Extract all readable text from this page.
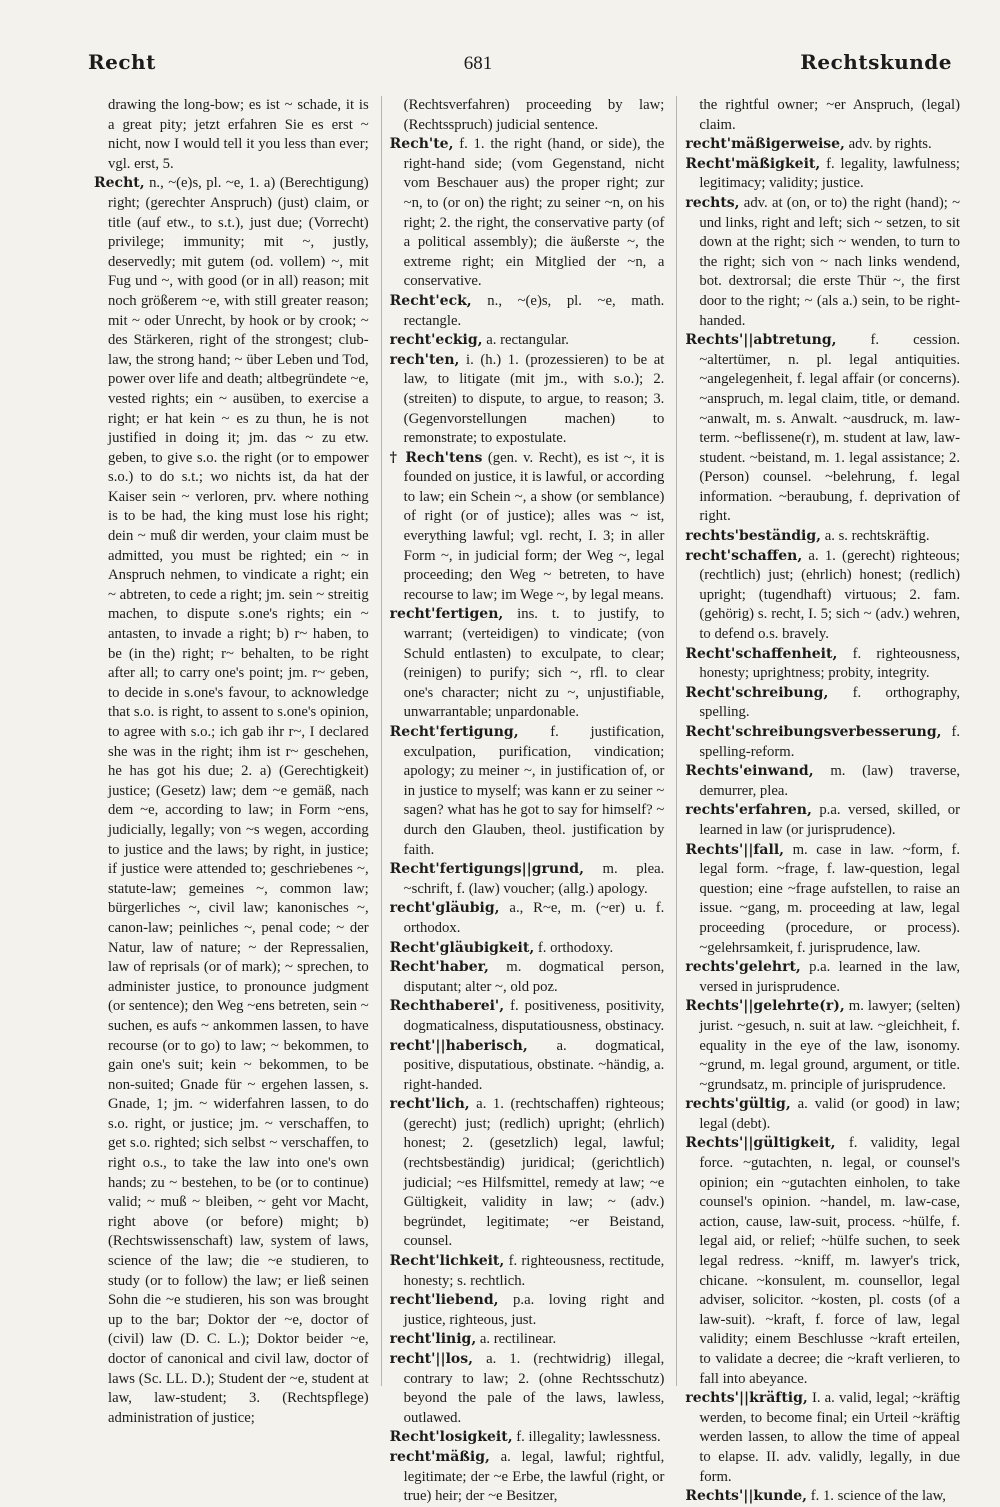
Recht	681	Rechtskunde

drawing the long-bow; es ist ~ schade, it is a great pity; jetzt erfahren Sie es erst ~ nicht, now I would tell it you less than ever; vgl. erst, 5.

Recht, n., ~(e)s, pl. ~e, 1. a) (Berechtigung) right; (gerechter Anspruch) (just) claim, or title (auf etw., to s.t.), just due; (Vorrecht) privilege; immunity; mit ~, justly, deservedly; mit gutem (od. vollem) ~, mit Fug und ~, with good (or in all) reason; mit noch größerem ~e, with still greater reason; mit ~ oder Unrecht, by hook or by crook; ~ des Stärkeren, right of the strongest; club-law, the strong hand; ~ über Leben und Tod, power over life and death; altbegründete ~e, vested rights; ein ~ ausüben, to exercise a right; er hat kein ~ es zu thun, he is not justified in doing it; jm. das ~ zu etw. geben, to give s.o. the right (or to empower s.o.) to do s.t.; wo nichts ist, da hat der Kaiser sein ~ verloren, prv. where nothing is to be had, the king must lose his right; dein ~ muß dir werden, your claim must be admitted, you must be righted; ein ~ in Anspruch nehmen, to vindicate a right; ein ~ abtreten, to cede a right; jm. sein ~ streitig machen, to dispute s.one's rights; ein ~ antasten, to invade a right; b) r~ haben, to be (in the) right; r~ behalten, to be right after all; to carry one's point; jm. r~ geben, to decide in s.one's favour, to acknowledge that s.o. is right, to assent to s.one's opinion, to agree with s.o.; ich gab ihr r~, I declared she was in the right; ihm ist r~ geschehen, he has got his due; 2. a) (Gerechtigkeit) justice; (Gesetz) law; dem ~e gemäß, nach dem ~e, according to law; in Form ~ens, judicially, legally; von ~s wegen, according to justice and the laws; by right, in justice; if justice were attended to; geschriebenes ~, statute-law; gemeines ~, common law; bürgerliches ~, civil law; kanonisches ~, canon-law; peinliches ~, penal code; ~ der Natur, law of nature; ~ der Repressalien, law of reprisals (or of mark); ~ sprechen, to administer justice, to pronounce judgment (or sentence); den Weg ~ens betreten, sein ~ suchen, es aufs ~ ankommen lassen, to have recourse (or to go) to law; ~ bekommen, to gain one's suit; kein ~ bekommen, to be non-suited; Gnade für ~ ergehen lassen, s. Gnade, 1; jm. ~ widerfahren lassen, to do s.o. right, or justice; jm. ~ verschaffen, to get s.o. righted; sich selbst ~ verschaffen, to right o.s., to take the law into one's own hands; zu ~ bestehen, to be (or to continue) valid; ~ muß ~ bleiben, ~ geht vor Macht, right above (or before) might; b) (Rechtswissenschaft) law, system of laws, science of the law; die ~e studieren, to study (or to follow) the law; er ließ seinen Sohn die ~e studieren, his son was brought up to the bar; Doktor der ~e, doctor of (civil) law (D. C. L.); Doktor beider ~e, doctor of canonical and civil law, doctor of laws (Sc. LL. D.); Student der ~e, student at law, law-student; 3. (Rechtspflege) administration of justice;

(Rechtsverfahren) proceeding by law; (Rechtsspruch) judicial sentence.

Rech'te, f. 1. the right (hand, or side), the right-hand side; (vom Gegenstand, nicht vom Beschauer aus) the proper right; zur ~n, to (or on) the right; zu seiner ~n, on his right; 2. the right, the conservative party (of a political assembly); die äußerste ~, the extreme right; ein Mitglied der ~n, a conservative.

Recht'eck, n., ~(e)s, pl. ~e, math. rectangle.

recht'eckig, a. rectangular.

rech'ten, i. (h.) 1. (prozessieren) to be at law, to litigate (mit jm., with s.o.); 2. (streiten) to dispute, to argue, to reason; 3. (Gegenvorstellungen machen) to remonstrate; to expostulate.

† Rech'tens (gen. v. Recht), es ist ~, it is founded on justice, it is lawful, or according to law; ein Schein ~, a show (or semblance) of right (or of justice); alles was ~ ist, everything lawful; vgl. recht, I. 3; in aller Form ~, in judicial form; der Weg ~, legal proceeding; den Weg ~ betreten, to have recourse to law; im Wege ~, by legal means.

recht'fertigen, ins. t. to justify, to warrant; (verteidigen) to vindicate; (von Schuld entlasten) to exculpate, to clear; (reinigen) to purify; sich ~, rfl. to clear one's character; nicht zu ~, unjustifiable, unwarrantable; unpardonable.

Recht'fertigung, f. justification, exculpation, purification, vindication; apology; zu meiner ~, in justification of, or in justice to myself; was kann er zu seiner ~ sagen? what has he got to say for himself? ~ durch den Glauben, theol. justification by faith.

Recht'fertigungs||grund, m. plea. ~schrift, f. (law) voucher; (allg.) apology.

recht'gläubig, a., R~e, m. (~er) u. f. orthodox.

Recht'gläubigkeit, f. orthodoxy.

Recht'haber, m. dogmatical person, disputant; alter ~, old poz.

Rechthaberei', f. positiveness, positivity, dogmaticalness, disputatiousness, obstinacy.

recht'||haberisch, a. dogmatical, positive, disputatious, obstinate. ~händig, a. right-handed.

recht'lich, a. 1. (rechtschaffen) righteous; (gerecht) just; (redlich) upright; (ehrlich) honest; 2. (gesetzlich) legal, lawful; (rechtsbeständig) juridical; (gerichtlich) judicial; ~es Hilfsmittel, remedy at law; ~e Gültigkeit, validity in law; ~ (adv.) begründet, legitimate; ~er Beistand, counsel.

Recht'lichkeit, f. righteousness, rectitude, honesty; s. rechtlich.

recht'liebend, p.a. loving right and justice, righteous, just.

recht'linig, a. rectilinear.

recht'||los, a. 1. (rechtwidrig) illegal, contrary to law; 2. (ohne Rechtsschutz) beyond the pale of the laws, lawless, outlawed.

Recht'losigkeit, f. illegality; lawlessness.

recht'mäßig, a. legal, lawful; rightful, legitimate; der ~e Erbe, the lawful (right, or true) heir; der ~e Besitzer,

the rightful owner; ~er Anspruch, (legal) claim.

recht'mäßigerweise, adv. by rights.

Recht'mäßigkeit, f. legality, lawfulness; legitimacy; validity; justice.

rechts, adv. at (on, or to) the right (hand); ~ und links, right and left; sich ~ setzen, to sit down at the right; sich ~ wenden, to turn to the right; sich von ~ nach links wendend, bot. dextrorsal; die erste Thür ~, the first door to the right; ~ (als a.) sein, to be right-handed.

Rechts'||abtretung, f. cession. ~altertümer, n. pl. legal antiquities. ~angelegenheit, f. legal affair (or concerns). ~anspruch, m. legal claim, title, or demand. ~anwalt, m. s. Anwalt. ~ausdruck, m. law-term. ~beflissene(r), m. student at law, law-student. ~beistand, m. 1. legal assistance; 2. (Person) counsel. ~belehrung, f. legal information. ~beraubung, f. deprivation of right.

rechts'beständig, a. s. rechtskräftig.

recht'schaffen, a. 1. (gerecht) righteous; (rechtlich) just; (ehrlich) honest; (redlich) upright; (tugendhaft) virtuous; 2. fam. (gehörig) s. recht, I. 5; sich ~ (adv.) wehren, to defend o.s. bravely.

Recht'schaffenheit, f. righteousness, honesty; uprightness; probity, integrity.

Recht'schreibung, f. orthography, spelling.

Recht'schreibungsverbesserung, f. spelling-reform.

Rechts'einwand, m. (law) traverse, demurrer, plea.

rechts'erfahren, p.a. versed, skilled, or learned in law (or jurisprudence).

Rechts'||fall, m. case in law. ~form, f. legal form. ~frage, f. law-question, legal question; eine ~frage aufstellen, to raise an issue. ~gang, m. proceeding at law, legal proceeding (procedure, or process). ~gelehrsamkeit, f. jurisprudence, law.

rechts'gelehrt, p.a. learned in the law, versed in jurisprudence.

Rechts'||gelehrte(r), m. lawyer; (selten) jurist. ~gesuch, n. suit at law. ~gleichheit, f. equality in the eye of the law, isonomy. ~grund, m. legal ground, argument, or title. ~grundsatz, m. principle of jurisprudence.

rechts'gültig, a. valid (or good) in law; legal (debt).

Rechts'||gültigkeit, f. validity, legal force. ~gutachten, n. legal, or counsel's opinion; ein ~gutachten einholen, to take counsel's opinion. ~handel, m. law-case, action, cause, law-suit, process. ~hülfe, f. legal aid, or relief; ~hülfe suchen, to seek legal redress. ~kniff, m. lawyer's trick, chicane. ~konsulent, m. counsellor, legal adviser, solicitor. ~kosten, pl. costs (of a law-suit). ~kraft, f. force of law, legal validity; einem Beschlusse ~kraft erteilen, to validate a decree; die ~kraft verlieren, to fall into abeyance.

rechts'||kräftig, I. a. valid, legal; ~kräftig werden, to become final; ein Urteil ~kräftig werden lassen, to allow the time of appeal to elapse. II. adv. validly, legally, in due form.

Rechts'||kunde, f. 1. science of the law,
